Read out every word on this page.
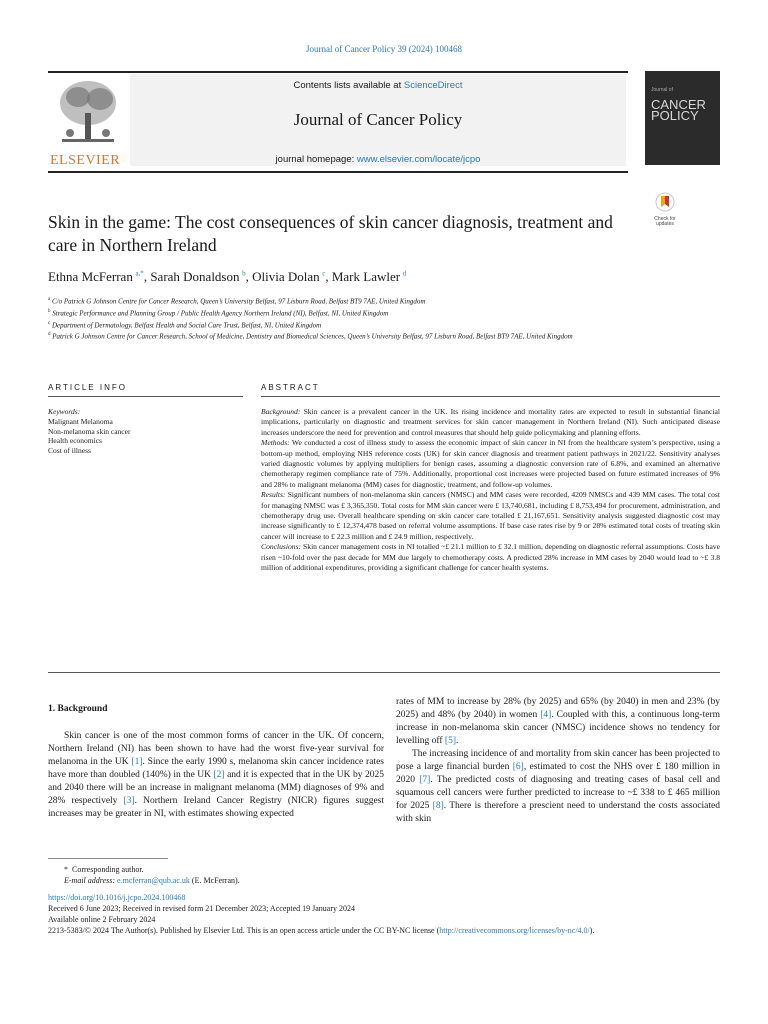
Journal of Cancer Policy 39 (2024) 100468
ELSEVIER
Contents lists available at ScienceDirect
Journal of Cancer Policy
journal homepage: www.elsevier.com/locate/jcpo
Journal of
CANCER POLICY
Check for updates
Skin in the game: The cost consequences of skin cancer diagnosis, treatment and care in Northern Ireland
Ethna McFerran  $^{a,*}$, Sarah Donaldson  $^b$, Olivia Dolan  $^c$, Mark Lawler  $^d$
$^a$ C/o Patrick G Johnson Centre for Cancer Research, Queen’s University Belfast, 97 Lisburn Road, Belfast BT9 7AE, United Kingdom
$^b$ Strategic Performance and Planning Group / Public Health Agency Northern Ireland (NI), Belfast, NI, United Kingdom
$^c$ Department of Dermatology, Belfast Health and Social Care Trust, Belfast, NI, United Kingdom
$^d$ Patrick G Johnson Centre for Cancer Research, School of Medicine, Dentistry and Biomedical Sciences, Queen’s University Belfast, 97 Lisburn Road, Belfast BT9 7AE, United Kingdom
ARTICLE INFO	ABSTRACT
Keywords:
Malignant Melanoma
Non-melanoma skin cancer
Health economics
Cost of illness

Background: Skin cancer is a prevalent cancer in the UK. Its rising incidence and mortality rates are expected to result in substantial financial implications, particularly on diagnostic and treatment services for skin cancer management in Northern Ireland (NI). Such anticipated disease increases underscore the need for prevention and control measures that should help guide policymaking and planning efforts.

Methods: We conducted a cost of illness study to assess the economic impact of skin cancer in NI from the healthcare system’s perspective, using a bottom-up method, employing NHS reference costs (UK) for skin cancer diagnosis and treatment patient pathways in 2021/22. Sensitivity analyses varied diagnostic volumes by applying multipliers for benign cases, assuming a diagnostic conversion rate of 6.8%, and examined an alternative chemotherapy regimen compliance rate of 75%. Additionally, proportional cost increases were projected based on future estimated increases of 9% and 28% to malignant melanoma (MM) cases for diagnostic, treatment, and follow-up volumes.

Results: Significant numbers of non-melanoma skin cancers (NMSC) and MM cases were recorded, 4209 NMSCs and 439 MM cases. The total cost for managing NMSC was £ 3,365,350. Total costs for MM skin cancer were £ 13,740,681, including £ 8,753,494 for procurement, administration, and chemotherapy drug use. Overall healthcare spending on skin cancer care totalled £ 21,167,651. Sensitivity analysis suggested diagnostic cost may increase significantly to £ 12,374,478 based on referral volume assumptions. If base case rates rise by 9 or 28% estimated total costs of treating skin cancer will increase to £ 22.3 million and £ 24.9 million, respectively.

Conclusions: Skin cancer management costs in NI totalled ~£ 21.1 million to £ 32.1 million, depending on diagnostic referral assumptions. Costs have risen ~10-fold over the past decade for MM due largely to chemotherapy costs. A predicted 28% increase in MM cases by 2040 would lead to ~£ 3.8 million of additional expenditures, providing a significant challenge for cancer health systems.

1. Background

Skin cancer is one of the most common forms of cancer in the UK. Of concern, Northern Ireland (NI) has been shown to have had the worst five-year survival for melanoma in the UK [1]. Since the early 1990 s, melanoma skin cancer incidence rates have more than doubled (140%) in the UK [2] and it is expected that in the UK by 2025 and 2040 there will be an increase in malignant melanoma (MM) diagnoses of 9% and 28% respectively [3]. Northern Ireland Cancer Registry (NICR) figures suggest increases may be greater in NI, with estimates showing expected

rates of MM to increase by 28% (by 2025) and 65% (by 2040) in men and 23% (by 2025) and 48% (by 2040) in women [4]. Coupled with this, a continuous long-term increase in non-melanoma skin cancer (NMSC) incidence shows no tendency for levelling off [5].

The increasing incidence of and mortality from skin cancer has been projected to pose a large financial burden [6], estimated to cost the NHS over £ 180 million in 2020 [7]. The predicted costs of diagnosing and treating cases of basal cell and squamous cell cancers were further predicted to increase to ~£ 338 to £ 465 million for 2025 [8]. There is therefore a prescient need to understand the costs associated with skin

* Corresponding author.
E-mail address: e.mcferran@qub.ac.uk (E. McFerran).
https://doi.org/10.1016/j.jcpo.2024.100468
Received 6 June 2023; Received in revised form 21 December 2023; Accepted 19 January 2024
Available online 2 February 2024
2213-5383/© 2024 The Author(s). Published by Elsevier Ltd. This is an open access article under the CC BY-NC license (http://creativecommons.org/licenses/by-nc/4.0/).
